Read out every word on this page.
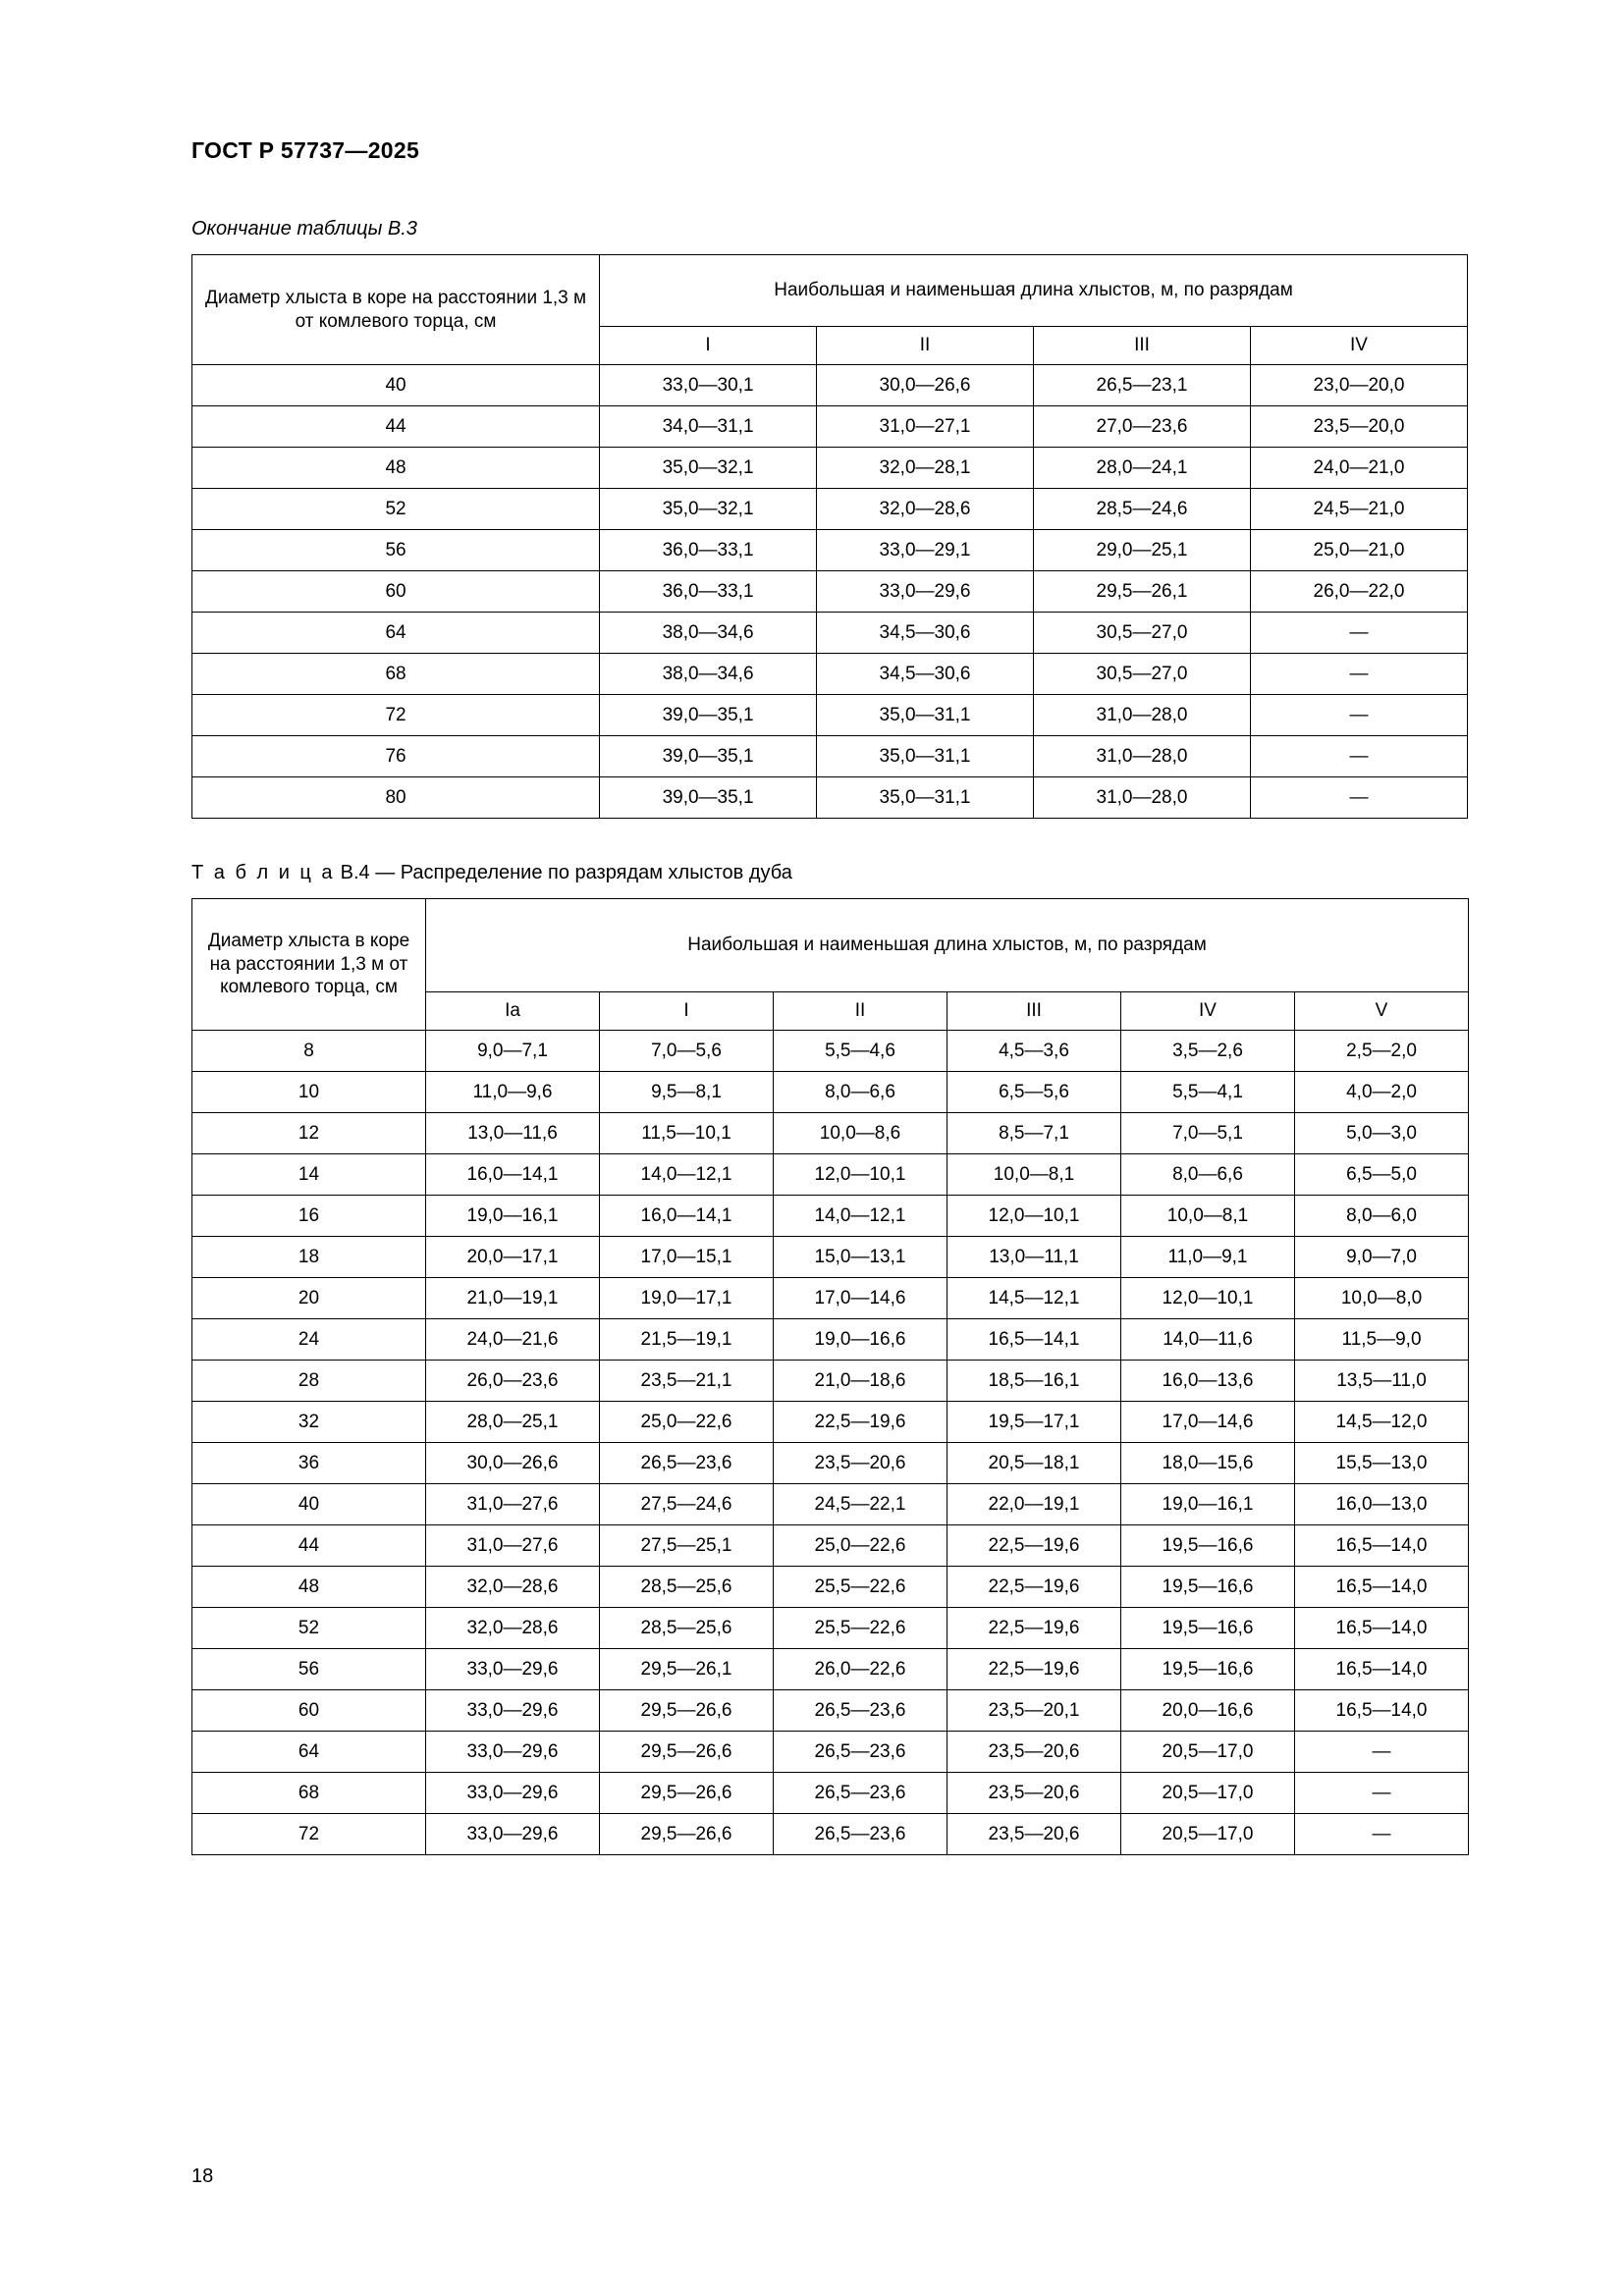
ГОСТ Р 57737—2025
Окончание таблицы В.3
Диаметр хлыста в коре на расстоянии 1,3 м от комлевого торца, см	Наибольшая и наименьшая длина хлыстов, м, по разрядам			
	I	II	III	IV
40	33,0—30,1	30,0—26,6	26,5—23,1	23,0—20,0
44	34,0—31,1	31,0—27,1	27,0—23,6	23,5—20,0
48	35,0—32,1	32,0—28,1	28,0—24,1	24,0—21,0
52	35,0—32,1	32,0—28,6	28,5—24,6	24,5—21,0
56	36,0—33,1	33,0—29,1	29,0—25,1	25,0—21,0
60	36,0—33,1	33,0—29,6	29,5—26,1	26,0—22,0
64	38,0—34,6	34,5—30,6	30,5—27,0	—
68	38,0—34,6	34,5—30,6	30,5—27,0	—
72	39,0—35,1	35,0—31,1	31,0—28,0	—
76	39,0—35,1	35,0—31,1	31,0—28,0	—
80	39,0—35,1	35,0—31,1	31,0—28,0	—
Т а б л и ц а В.4 — Распределение по разрядам хлыстов дуба
Диаметр хлыста в коре на расстоянии 1,3 м от комлевого торца, см	Наибольшая и наименьшая длина хлыстов, м, по разрядам					
	Iа	I	II	III	IV	V
8	9,0—7,1	7,0—5,6	5,5—4,6	4,5—3,6	3,5—2,6	2,5—2,0
10	11,0—9,6	9,5—8,1	8,0—6,6	6,5—5,6	5,5—4,1	4,0—2,0
12	13,0—11,6	11,5—10,1	10,0—8,6	8,5—7,1	7,0—5,1	5,0—3,0
14	16,0—14,1	14,0—12,1	12,0—10,1	10,0—8,1	8,0—6,6	6,5—5,0
16	19,0—16,1	16,0—14,1	14,0—12,1	12,0—10,1	10,0—8,1	8,0—6,0
18	20,0—17,1	17,0—15,1	15,0—13,1	13,0—11,1	11,0—9,1	9,0—7,0
20	21,0—19,1	19,0—17,1	17,0—14,6	14,5—12,1	12,0—10,1	10,0—8,0
24	24,0—21,6	21,5—19,1	19,0—16,6	16,5—14,1	14,0—11,6	11,5—9,0
28	26,0—23,6	23,5—21,1	21,0—18,6	18,5—16,1	16,0—13,6	13,5—11,0
32	28,0—25,1	25,0—22,6	22,5—19,6	19,5—17,1	17,0—14,6	14,5—12,0
36	30,0—26,6	26,5—23,6	23,5—20,6	20,5—18,1	18,0—15,6	15,5—13,0
40	31,0—27,6	27,5—24,6	24,5—22,1	22,0—19,1	19,0—16,1	16,0—13,0
44	31,0—27,6	27,5—25,1	25,0—22,6	22,5—19,6	19,5—16,6	16,5—14,0
48	32,0—28,6	28,5—25,6	25,5—22,6	22,5—19,6	19,5—16,6	16,5—14,0
52	32,0—28,6	28,5—25,6	25,5—22,6	22,5—19,6	19,5—16,6	16,5—14,0
56	33,0—29,6	29,5—26,1	26,0—22,6	22,5—19,6	19,5—16,6	16,5—14,0
60	33,0—29,6	29,5—26,6	26,5—23,6	23,5—20,1	20,0—16,6	16,5—14,0
64	33,0—29,6	29,5—26,6	26,5—23,6	23,5—20,6	20,5—17,0	—
68	33,0—29,6	29,5—26,6	26,5—23,6	23,5—20,6	20,5—17,0	—
72	33,0—29,6	29,5—26,6	26,5—23,6	23,5—20,6	20,5—17,0	—
18
